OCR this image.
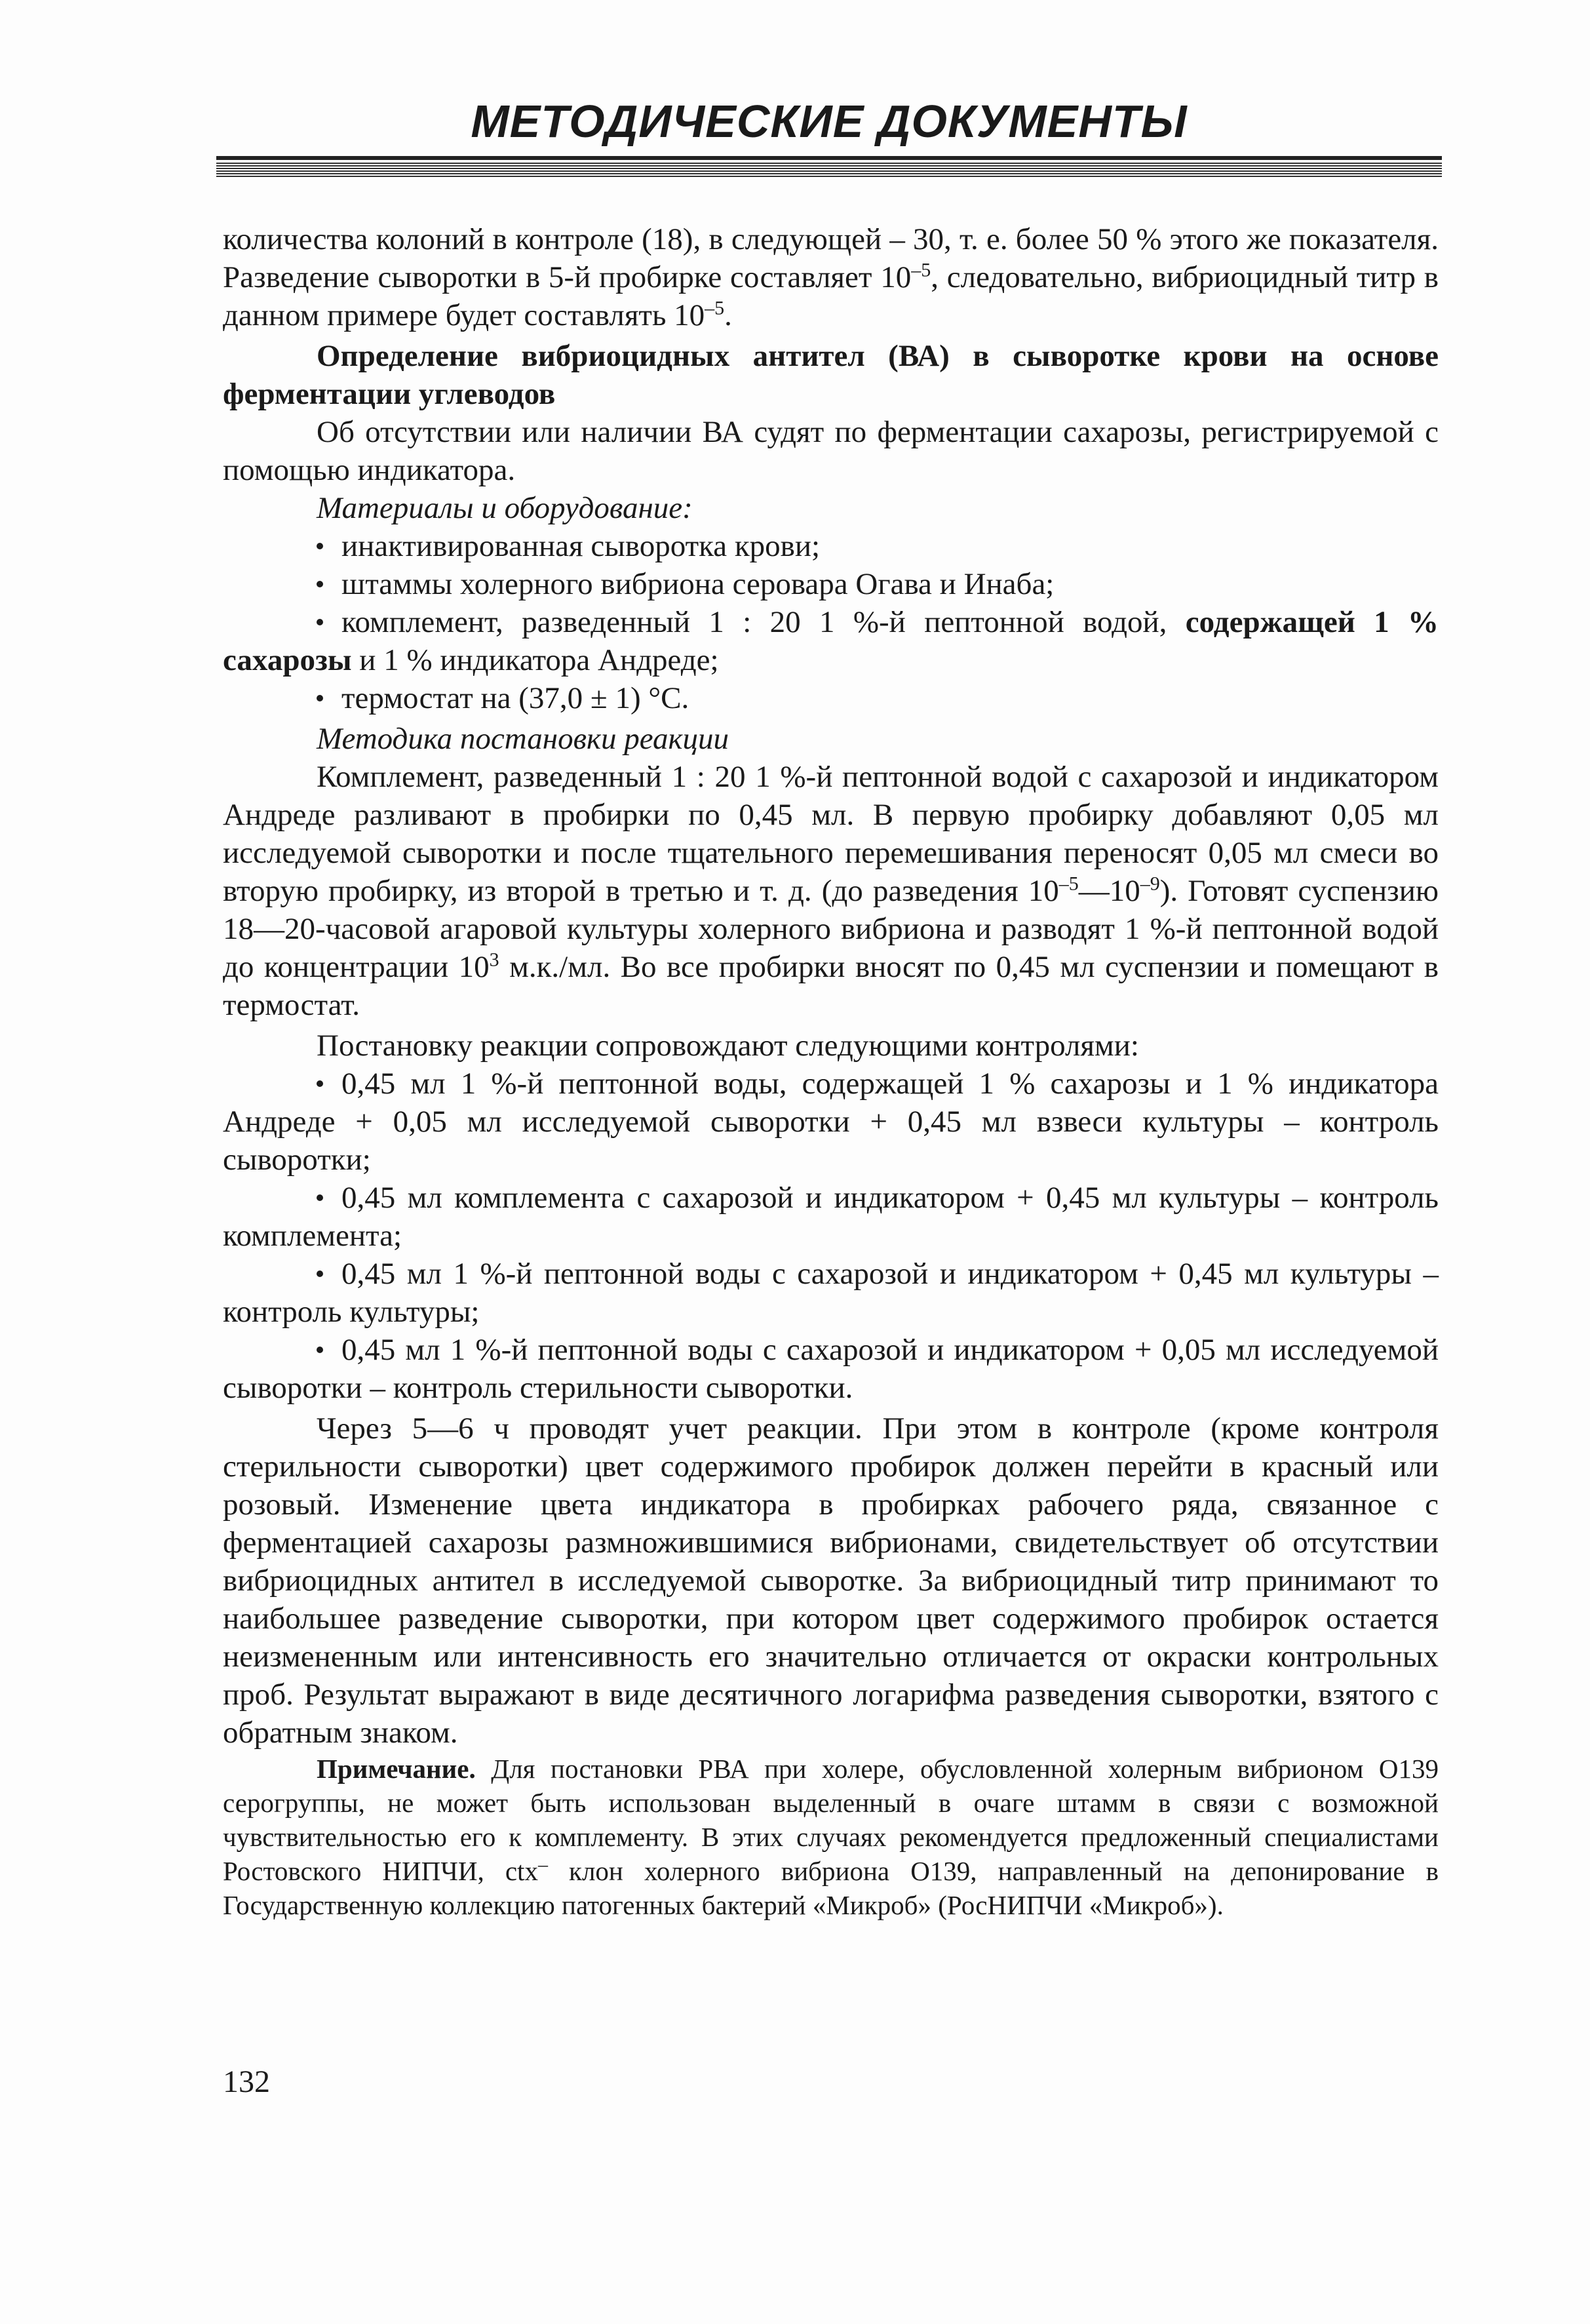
МЕТОДИЧЕСКИЕ ДОКУМЕНТЫ

количества колоний в контроле (18), в следующей – 30, т. е. более 50 % этого же показателя. Разведение сыворотки в 5-й пробирке составляет $10^{-5}$, следовательно, вибриоцидный титр в данном примере будет составлять $10^{-5}$.

Определение вибриоцидных антител (ВА) в сыворотке крови на основе ферментации углеводов

Об отсутствии или наличии ВА судят по ферментации сахарозы, регистрируемой с помощью индикатора.

Материалы и оборудование:

инактивированная сыворотка крови;

штаммы холерного вибриона серовара Огава и Инаба;

комплемент, разведенный 1 : 20 1 %-й пептонной водой, содержащей 1 % сахарозы и 1 % индикатора Андреде;

термостат на (37,0 ± 1) °С.

Методика постановки реакции

Комплемент, разведенный 1 : 20 1 %-й пептонной водой с сахарозой и индикатором Андреде разливают в пробирки по 0,45 мл. В первую пробирку добавляют 0,05 мл исследуемой сыворотки и после тщательного перемешивания переносят 0,05 мл смеси во вторую пробирку, из второй в третью и т. д. (до разведения $10^{-5}—10^{-9}$). Готовят суспензию 18—20-часовой агаровой культуры холерного вибриона и разводят 1 %-й пептонной водой до концентрации $10^3$ м.к./мл. Во все пробирки вносят по 0,45 мл суспензии и помещают в термостат.

Постановку реакции сопровождают следующими контролями:

0,45 мл 1 %-й пептонной воды, содержащей 1 % сахарозы и 1 % индикатора Андреде + 0,05 мл исследуемой сыворотки + 0,45 мл взвеси культуры – контроль сыворотки;

0,45 мл комплемента с сахарозой и индикатором + 0,45 мл культуры – контроль комплемента;

0,45 мл 1 %-й пептонной воды с сахарозой и индикатором + 0,45 мл культуры – контроль культуры;

0,45 мл 1 %-й пептонной воды с сахарозой и индикатором + 0,05 мл исследуемой сыворотки – контроль стерильности сыворотки.

Через 5—6 ч проводят учет реакции. При этом в контроле (кроме контроля стерильности сыворотки) цвет содержимого пробирок должен перейти в красный или розовый. Изменение цвета индикатора в пробирках рабочего ряда, связанное с ферментацией сахарозы размножившимися вибрионами, свидетельствует об отсутствии вибриоцидных антител в исследуемой сыворотке. За вибриоцидный титр принимают то наибольшее разведение сыворотки, при котором цвет содержимого пробирок остается неизмененным или интенсивность его значительно отличается от окраски контрольных проб. Результат выражают в виде десятичного логарифма разведения сыворотки, взятого с обратным знаком.

Примечание. Для постановки РВА при холере, обусловленной холерным вибрионом О139 серогруппы, не может быть использован выделенный в очаге штамм в связи с возможной чувствительностью его к комплементу. В этих случаях рекомендуется предложенный специалистами Ростовского НИПЧИ, ctx– клон холерного вибриона О139, направленный на депонирование в Государственную коллекцию патогенных бактерий «Микроб» (РосНИПЧИ «Микроб»).

132
